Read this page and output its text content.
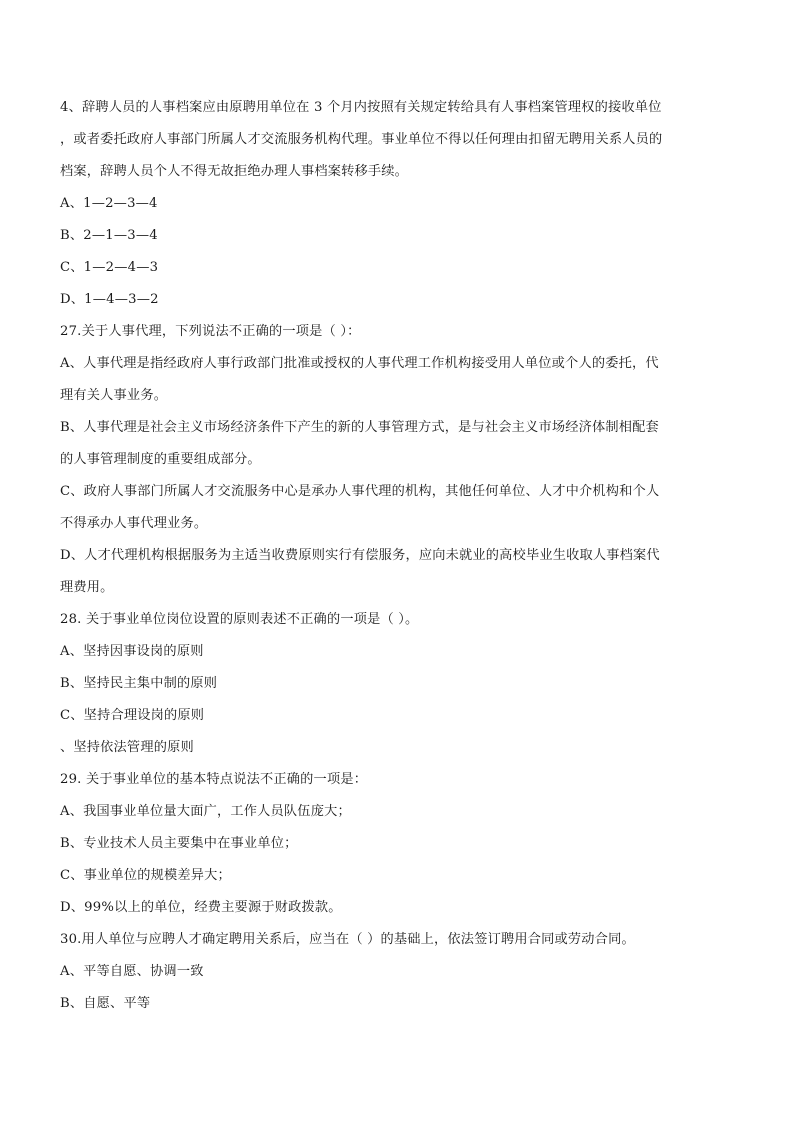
4、辞聘人员的人事档案应由原聘用单位在 3 个月内按照有关规定转给具有人事档案管理权的接收单位
，或者委托政府人事部门所属人才交流服务机构代理。事业单位不得以任何理由扣留无聘用关系人员的
档案，辞聘人员个人不得无故拒绝办理人事档案转移手续。
A、1—2—3—4
B、2—1—3—4
C、1—2—4—3
D、1—4—3—2
27.关于人事代理，下列说法不正确的一项是（ ）：
A、人事代理是指经政府人事行政部门批准或授权的人事代理工作机构接受用人单位或个人的委托，代
理有关人事业务。
B、人事代理是社会主义市场经济条件下产生的新的人事管理方式，是与社会主义市场经济体制相配套
的人事管理制度的重要组成部分。
C、政府人事部门所属人才交流服务中心是承办人事代理的机构，其他任何单位、人才中介机构和个人
不得承办人事代理业务。
D、人才代理机构根据服务为主适当收费原则实行有偿服务，应向未就业的高校毕业生收取人事档案代
理费用。
28. 关于事业单位岗位设置的原则表述不正确的一项是（ ）。
A、坚持因事设岗的原则
B、坚持民主集中制的原则
C、坚持合理设岗的原则
、坚持依法管理的原则
29. 关于事业单位的基本特点说法不正确的一项是：
A、我国事业单位量大面广，工作人员队伍庞大；
B、专业技术人员主要集中在事业单位；
C、事业单位的规模差异大；
D、99%以上的单位，经费主要源于财政拨款。
30.用人单位与应聘人才确定聘用关系后，应当在（ ）的基础上，依法签订聘用合同或劳动合同。
A、平等自愿、协调一致
B、自愿、平等
